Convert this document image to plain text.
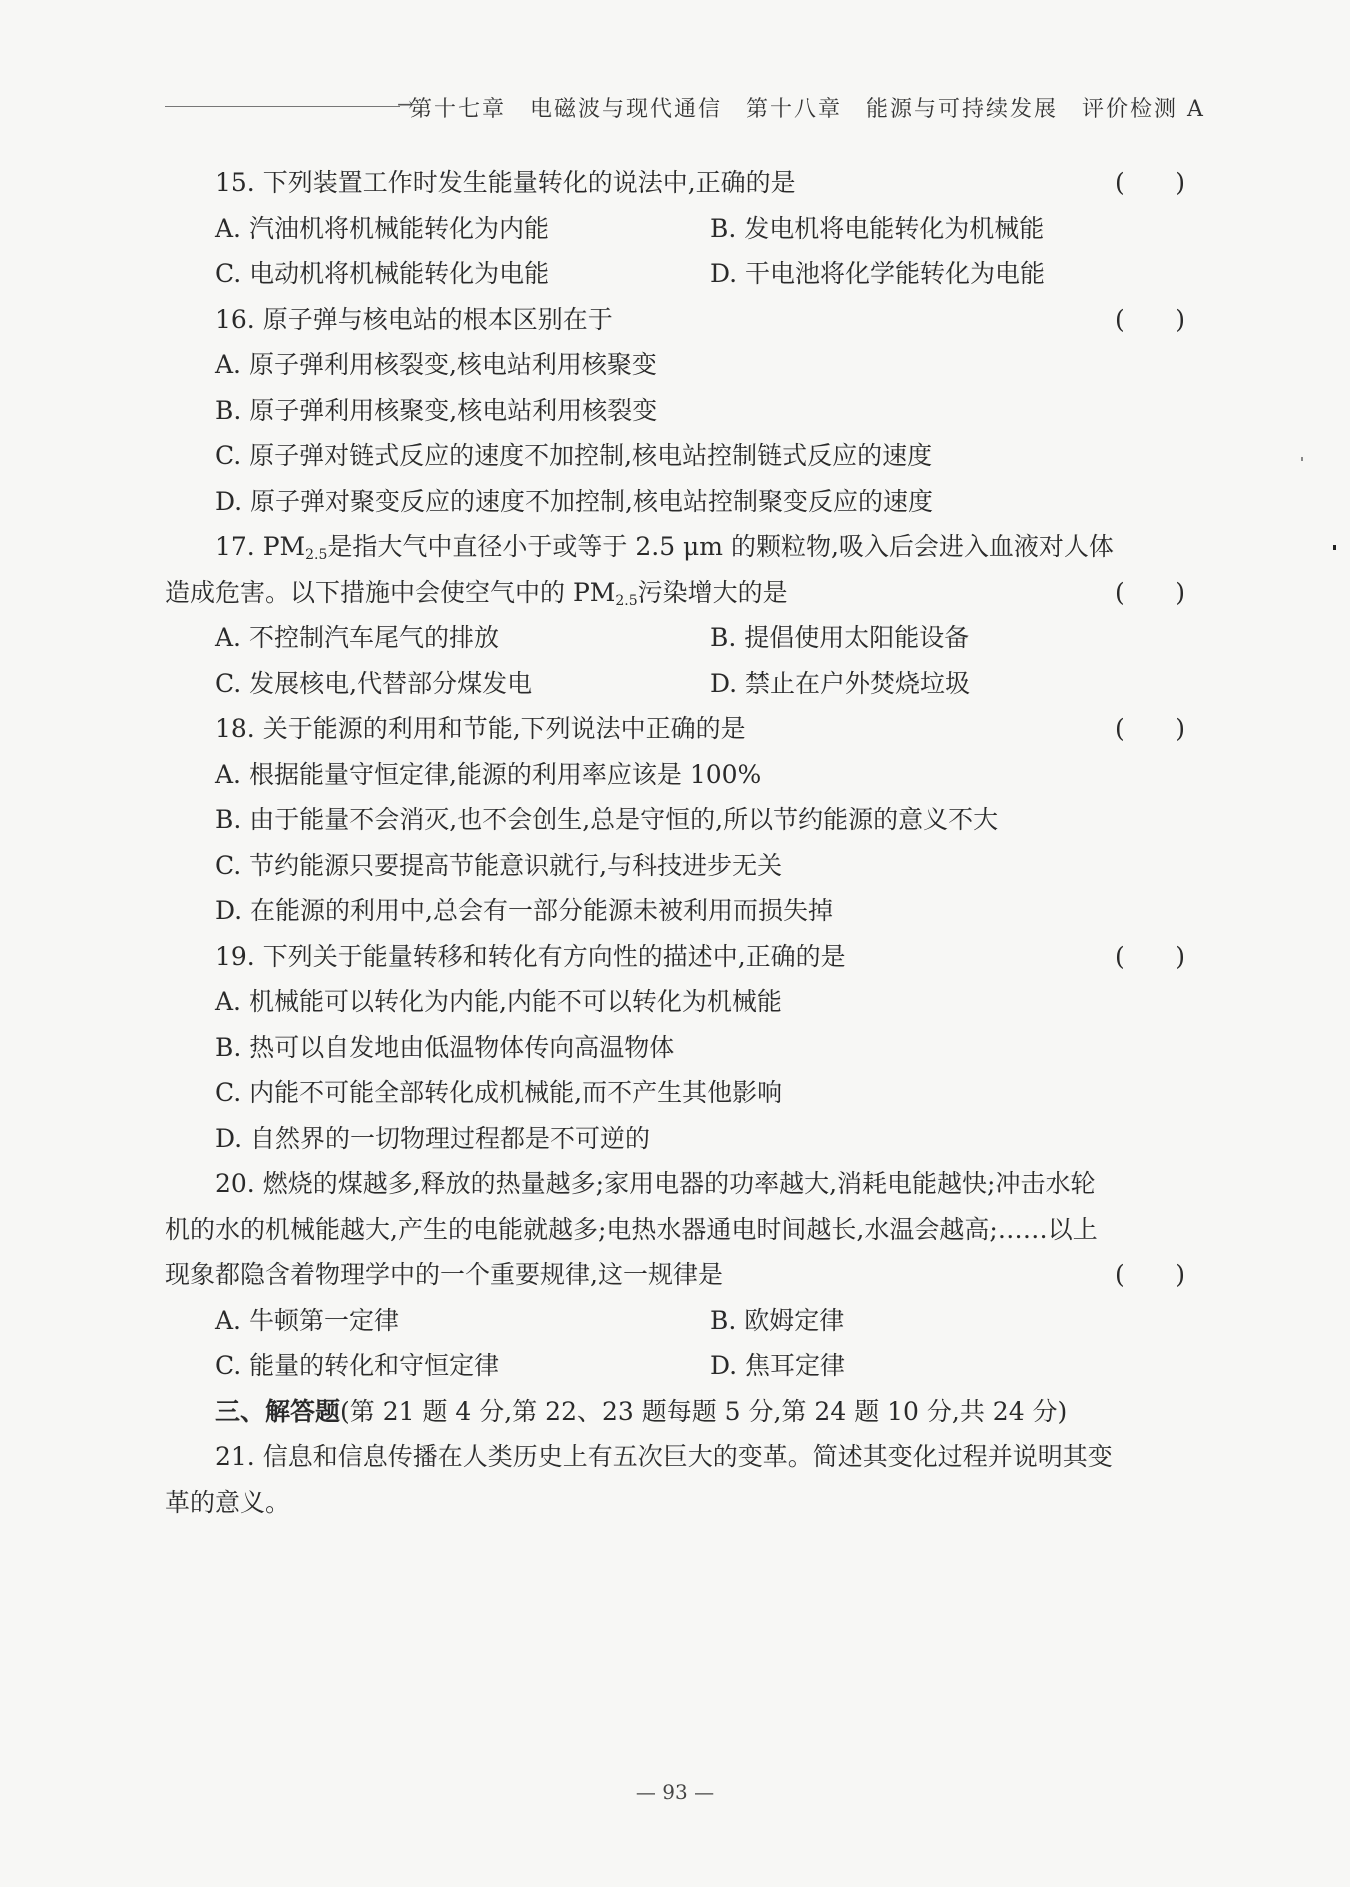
→
第十七章　电磁波与现代通信　第十八章　能源与可持续发展　评价检测 A
15. 下列装置工作时发生能量转化的说法中,正确的是	( )
A. 汽油机将机械能转化为内能	B. 发电机将电能转化为机械能
C. 电动机将机械能转化为电能	D. 干电池将化学能转化为电能
16. 原子弹与核电站的根本区别在于	( )
A. 原子弹利用核裂变,核电站利用核聚变
B. 原子弹利用核聚变,核电站利用核裂变
C. 原子弹对链式反应的速度不加控制,核电站控制链式反应的速度
D. 原子弹对聚变反应的速度不加控制,核电站控制聚变反应的速度
17. $PM_{2.5}$是指大气中直径小于或等于 2.5 μm 的颗粒物,吸入后会进入血液对人体
造成危害。以下措施中会使空气中的 $PM_{2.5}$污染增大的是	( )
A. 不控制汽车尾气的排放	B. 提倡使用太阳能设备
C. 发展核电,代替部分煤发电	D. 禁止在户外焚烧垃圾
18. 关于能源的利用和节能,下列说法中正确的是	( )
A. 根据能量守恒定律,能源的利用率应该是 100%
B. 由于能量不会消灭,也不会创生,总是守恒的,所以节约能源的意义不大
C. 节约能源只要提高节能意识就行,与科技进步无关
D. 在能源的利用中,总会有一部分能源未被利用而损失掉
19. 下列关于能量转移和转化有方向性的描述中,正确的是	( )
A. 机械能可以转化为内能,内能不可以转化为机械能
B. 热可以自发地由低温物体传向高温物体
C. 内能不可能全部转化成机械能,而不产生其他影响
D. 自然界的一切物理过程都是不可逆的
20. 燃烧的煤越多,释放的热量越多;家用电器的功率越大,消耗电能越快;冲击水轮
机的水的机械能越大,产生的电能就越多;电热水器通电时间越长,水温会越高;……以上
现象都隐含着物理学中的一个重要规律,这一规律是	( )
A. 牛顿第一定律	B. 欧姆定律
C. 能量的转化和守恒定律	D. 焦耳定律
三、解答题(第 21 题 4 分,第 22、23 题每题 5 分,第 24 题 10 分,共 24 分)
21. 信息和信息传播在人类历史上有五次巨大的变革。简述其变化过程并说明其变
革的意义。
— 93 —
